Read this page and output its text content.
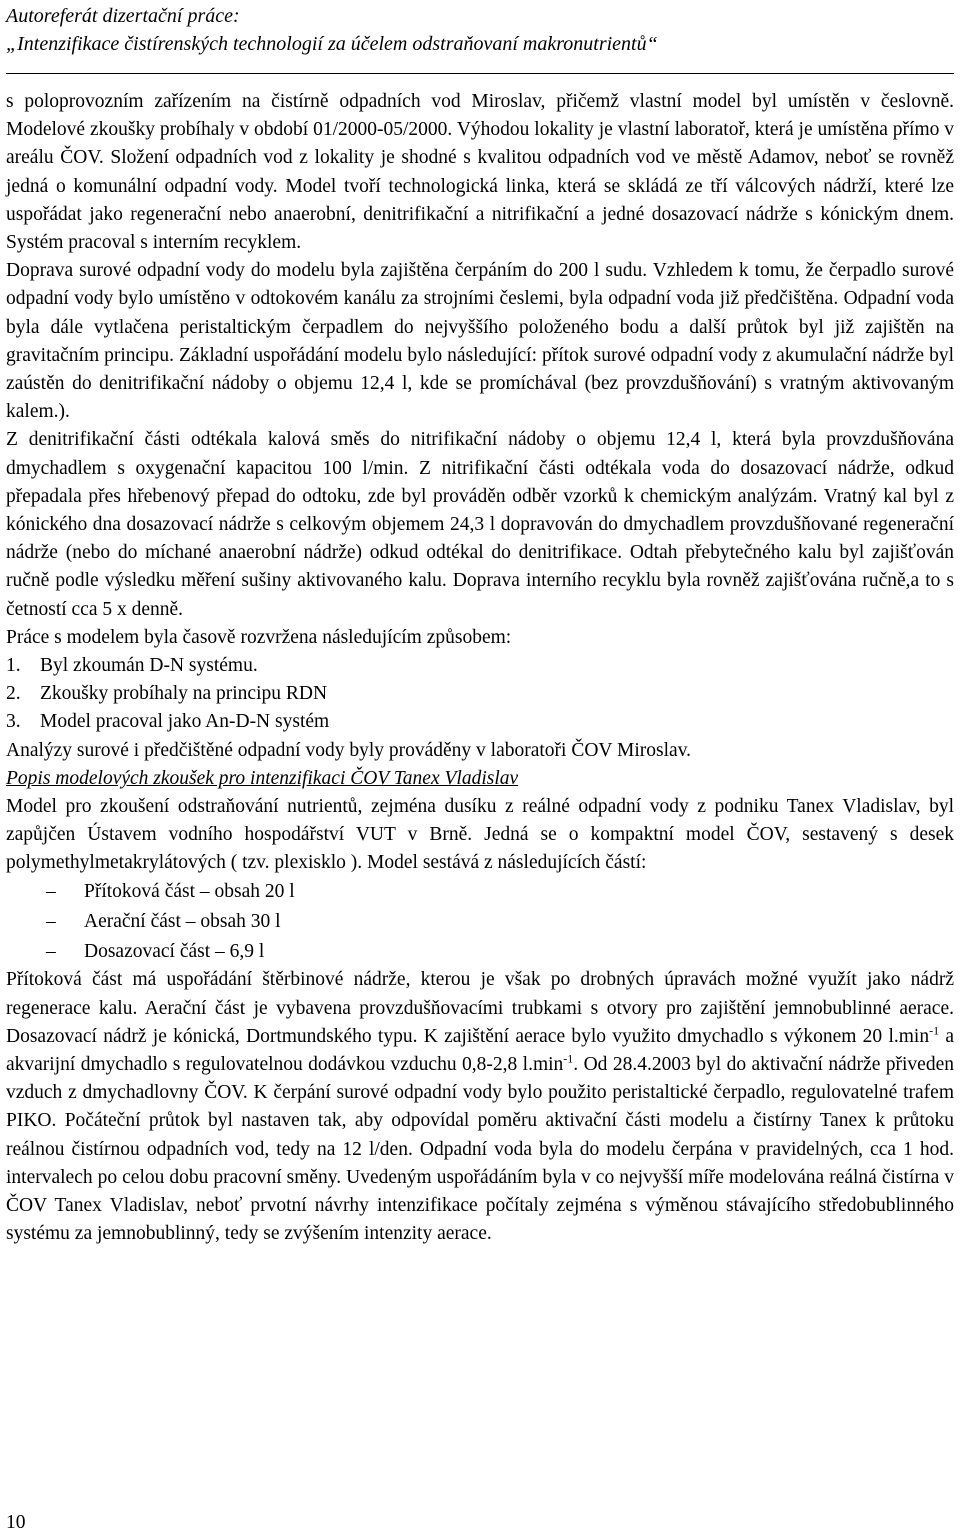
Autoreferát dizertační práce:
„Intenzifikace čistírenských technologií za účelem odstraňovaní makronutrientů“

s poloprovozním zařízením na čistírně odpadních vod Miroslav, přičemž vlastní model byl umístěn v česlovně. Modelové zkoušky probíhaly v období 01/2000-05/2000. Výhodou lokality je vlastní laboratoř, která je umístěna přímo v areálu ČOV. Složení odpadních vod z lokality je shodné s kvalitou odpadních vod ve městě Adamov, neboť se rovněž jedná o komunální odpadní vody. Model tvoří technologická linka, která se skládá ze tří válcových nádrží, které lze uspořádat jako regenerační nebo anaerobní, denitrifikační a nitrifikační a jedné dosazovací nádrže s kónickým dnem. Systém pracoval s interním recyklem.

Doprava surové odpadní vody do modelu byla zajištěna čerpáním do 200 l sudu. Vzhledem k tomu, že čerpadlo surové odpadní vody bylo umístěno v odtokovém kanálu za strojními česlemi, byla odpadní voda již předčištěna. Odpadní voda byla dále vytlačena peristaltickým čerpadlem do nejvyššího položeného bodu a další průtok byl již zajištěn na gravitačním principu. Základní uspořádání modelu bylo následující: přítok surové odpadní vody z akumulační nádrže byl zaústěn do denitrifikační nádoby o objemu 12,4 l, kde se promíchával (bez provzdušňování) s vratným aktivovaným kalem.).

Z denitrifikační části odtékala kalová směs do nitrifikační nádoby o objemu 12,4 l, která byla provzdušňována dmychadlem s oxygenační kapacitou 100 l/min. Z nitrifikační části odtékala voda do dosazovací nádrže, odkud přepadala přes hřebenový přepad do odtoku, zde byl prováděn odběr vzorků k chemickým analýzám. Vratný kal byl z kónického dna dosazovací nádrže s celkovým objemem 24,3 l dopravován do dmychadlem provzdušňované regenerační nádrže (nebo do míchané anaerobní nádrže) odkud odtékal do denitrifikace. Odtah přebytečného kalu byl zajišťován ručně podle výsledku měření sušiny aktivovaného kalu. Doprava interního recyklu byla rovněž zajišťována ručně,a to s četností cca 5 x denně.

Práce s modelem byla časově rozvržena následujícím způsobem:

1. Byl zkoumán D-N systému.
2. Zkoušky probíhaly na principu RDN
3. Model pracoval jako An-D-N systém

Analýzy surové i předčištěné odpadní vody byly prováděny v laboratoři ČOV Miroslav.

Popis modelových zkoušek pro intenzifikaci ČOV Tanex Vladislav

Model pro zkoušení odstraňování nutrientů, zejména dusíku z reálné odpadní vody z podniku Tanex Vladislav, byl zapůjčen Ústavem vodního hospodářství VUT v Brně. Jedná se o kompaktní model ČOV, sestavený s desek polymethylmetakrylátových ( tzv. plexisklo ). Model sestává z následujících částí:

–	Přítoková část – obsah 20 l
–	Aerační část – obsah 30 l
–	Dosazovací část – 6,9 l

Přítoková část má uspořádání štěrbinové nádrže, kterou je však po drobných úpravách možné využít jako nádrž regenerace kalu. Aerační část je vybavena provzdušňovacími trubkami s otvory pro zajištění jemnobublinné aerace. Dosazovací nádrž je kónická, Dortmundského typu. K zajištění aerace bylo využito dmychadlo s výkonem 20 $l.\min^{-1}$ a akvarijní dmychadlo s regulovatelnou dodávkou vzduchu 0,8-2,8 $l.\min^{-1}$. Od 28.4.2003 byl do aktivační nádrže přiveden vzduch z dmychadlovny ČOV. K čerpání surové odpadní vody bylo použito peristaltické čerpadlo, regulovatelné trafem PIKO. Počáteční průtok byl nastaven tak, aby odpovídal poměru aktivační části modelu a čistírny Tanex k průtoku reálnou čistírnou odpadních vod, tedy na 12 l/den. Odpadní voda byla do modelu čerpána v pravidelných, cca 1 hod. intervalech po celou dobu pracovní směny. Uvedeným uspořádáním byla v co nejvyšší míře modelována reálná čistírna v ČOV Tanex Vladislav, neboť prvotní návrhy intenzifikace počítaly zejména s výměnou stávajícího středobublinného systému za jemnobublinný, tedy se zvýšením intenzity aerace.

10
